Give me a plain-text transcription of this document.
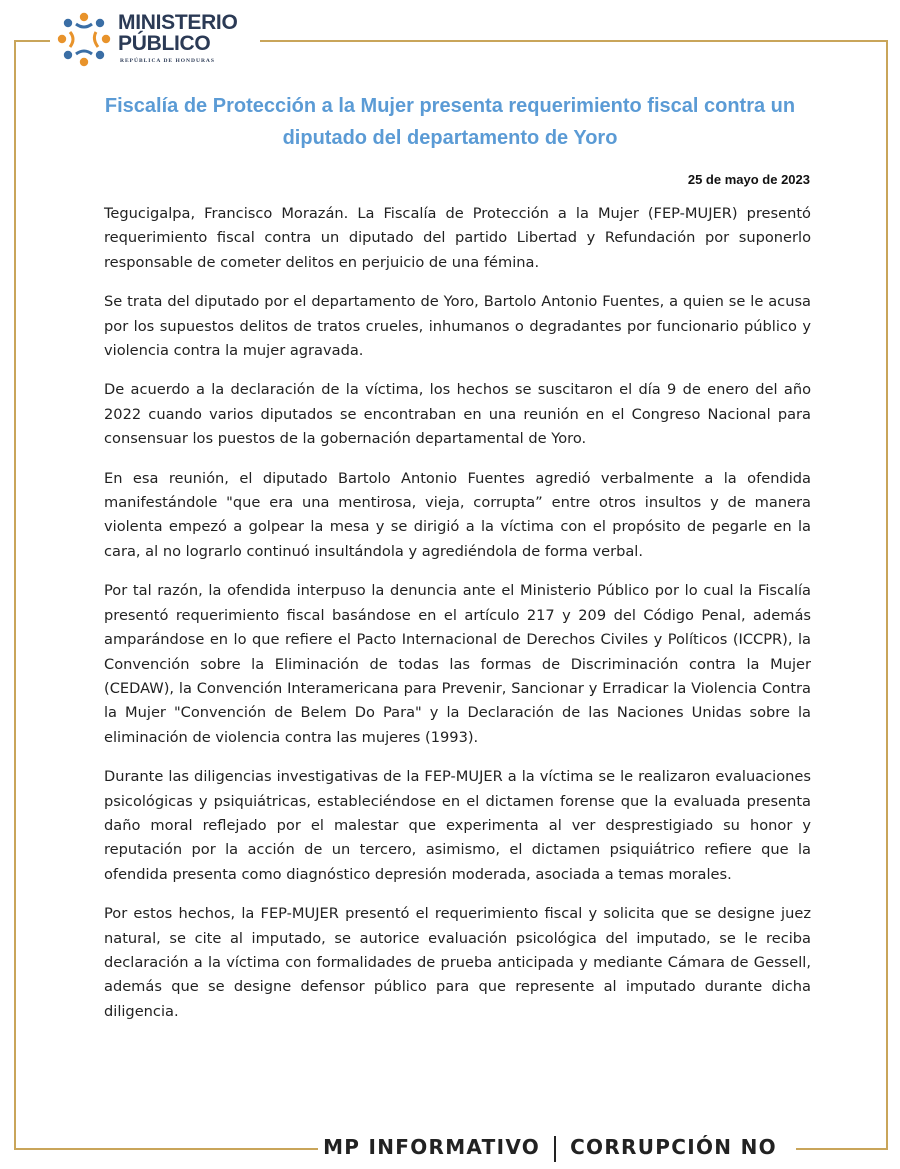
MINISTERIO
PÚBLICO
REPÚBLICA DE HONDURAS
Fiscalía de Protección a la Mujer presenta requerimiento fiscal contra un diputado del departamento de Yoro
25 de mayo de 2023

Tegucigalpa, Francisco Morazán. La Fiscalía de Protección a la Mujer (FEP-MUJER) presentó requerimiento fiscal contra un diputado del partido Libertad y Refundación por suponerlo responsable de cometer delitos en perjuicio de una fémina.

Se trata del diputado por el departamento de Yoro, Bartolo Antonio Fuentes, a quien se le acusa por los supuestos delitos de tratos crueles, inhumanos o degradantes por funcionario público y violencia contra la mujer agravada.

De acuerdo a la declaración de la víctima, los hechos se suscitaron el día 9 de enero del año 2022 cuando varios diputados se encontraban en una reunión en el Congreso Nacional para consensuar los puestos de la gobernación departamental de Yoro.

En esa reunión, el diputado Bartolo Antonio Fuentes agredió verbalmente a la ofendida manifestándole "que era una mentirosa, vieja, corrupta” entre otros insultos y de manera violenta empezó a golpear la mesa y se dirigió a la víctima con el propósito de pegarle en la cara, al no lograrlo continuó insultándola y agrediéndola de forma verbal.

Por tal razón, la ofendida interpuso la denuncia ante el Ministerio Público por lo cual la Fiscalía presentó requerimiento fiscal basándose en el artículo 217 y 209 del Código Penal, además amparándose en lo que refiere el Pacto Internacional de Derechos Civiles y Políticos (ICCPR), la Convención sobre la Eliminación de todas las formas de Discriminación contra la Mujer (CEDAW), la Convención Interamericana para Prevenir, Sancionar y Erradicar la Violencia Contra la Mujer "Convención de Belem Do Para" y la Declaración de las Naciones Unidas sobre la eliminación de violencia contra las mujeres (1993).

Durante las diligencias investigativas de la FEP-MUJER a la víctima se le realizaron evaluaciones psicológicas y psiquiátricas, estableciéndose en el dictamen forense que la evaluada presenta daño moral reflejado por el malestar que experimenta al ver desprestigiado su honor y reputación por la acción de un tercero, asimismo, el dictamen psiquiátrico refiere que la ofendida presenta como diagnóstico depresión moderada, asociada a temas morales.

Por estos hechos, la FEP-MUJER presentó el requerimiento fiscal y solicita que se designe juez natural, se cite al imputado, se autorice evaluación psicológica del imputado, se le reciba declaración a la víctima con formalidades de prueba anticipada y mediante Cámara de Gessell, además que se designe defensor público para que represente al imputado durante dicha diligencia.

MP INFORMATIVO CORRUPCIÓN NO
